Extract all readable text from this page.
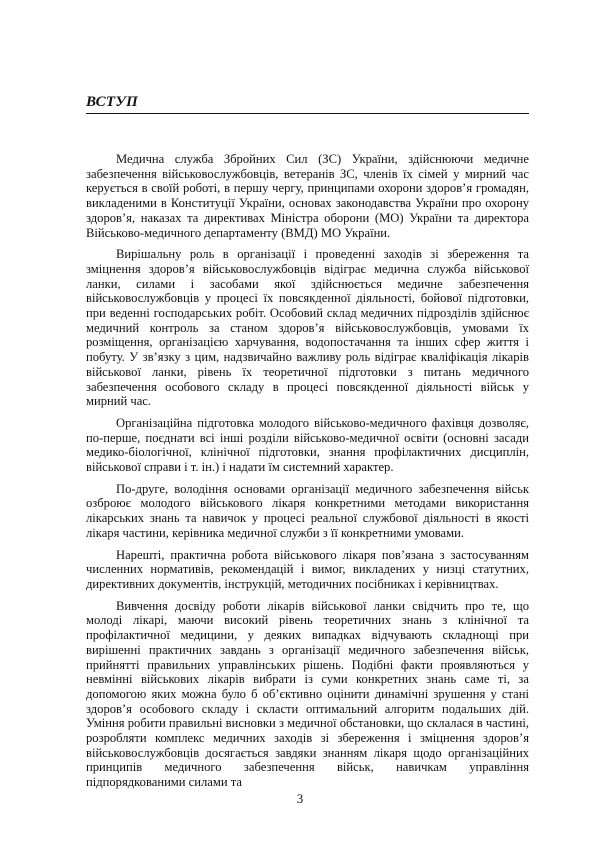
ВСТУП

Медична служба Збройних Сил (ЗС) України, здійснюючи медичне забезпечення військовослужбовців, ветеранів ЗС, членів їх сімей у мирний час керується в своїй роботі, в першу чергу, принципами охорони здоров’я громадян, викладеними в Конституції України, основах законодавства України про охорону здоров’я, наказах та директивах Міністра оборони (МО) України та директора Військово-медичного департаменту (ВМД) МО України.

Вирішальну роль в організації і проведенні заходів зі збереження та зміцнення здоров’я військовослужбовців відіграє медична служба військової ланки, силами і засобами якої здійснюється медичне забезпечення військовослужбовців у процесі їх повсякденної діяльності, бойової підготовки, при веденні господарських робіт. Особовий склад медичних підрозділів здійснює медичний контроль за станом здоров’я військовослужбовців, умовами їх розміщення, організацією харчування, водопостачання та інших сфер життя і побуту. У зв’язку з цим, надзвичайно важливу роль відіграє кваліфікація лікарів військової ланки, рівень їх теоретичної підготовки з питань медичного забезпечення особового складу в процесі повсякденної діяльності військ у мирний час.

Організаційна підготовка молодого військово-медичного фахівця дозволяє, по-перше, поєднати всі інші розділи військово-медичної освіти (основні засади медико-біологічної, клінічної підготовки, знання профілактичних дисциплін, військової справи і т. ін.) і надати їм системний характер.

По-друге, володіння основами організації медичного забезпечення військ озброює молодого військового лікаря конкретними методами використання лікарських знань та навичок у процесі реальної службової діяльності в якості лікаря частини, керівника медичної служби з її конкретними умовами.

Нарешті, практична робота військового лікаря пов’язана з застосуванням численних нормативів, рекомендацій і вимог, викладених у низці статутних, директивних документів, інструкцій, методичних посібниках і керівництвах.

Вивчення досвіду роботи лікарів військової ланки свідчить про те, що молоді лікарі, маючи високий рівень теоретичних знань з клінічної та профілактичної медицини, у деяких випадках відчувають складнощі при вирішенні практичних завдань з організації медичного забезпечення військ, прийнятті правильних управлінських рішень. Подібні факти проявляються у невмінні військових лікарів вибрати із суми конкретних знань саме ті, за допомогою яких можна було б об’єктивно оцінити динамічні зрушення у стані здоров’я особового складу і скласти оптимальний алгоритм подальших дій. Уміння робити правильні висновки з медичної обстановки, що склалася в частині, розробляти комплекс медичних заходів зі збереження і зміцнення здоров’я військовослужбовців досягається завдяки знанням лікаря щодо організаційних принципів медичного забезпечення військ, навичкам управління підпорядкованими силами та

3
